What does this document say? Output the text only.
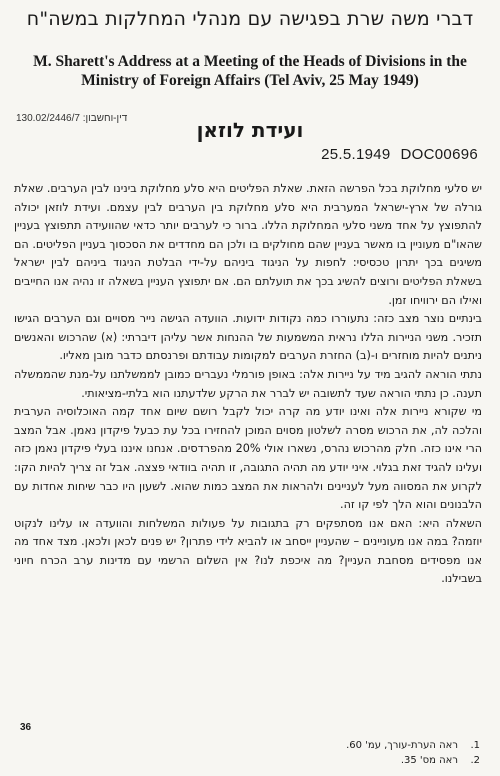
דברי משה שרת בפגישה עם מנהלי המחלקות במשה"ח
M. Sharett's Address at a Meeting of the Heads of Divisions in the Ministry of Foreign Affairs (Tel Aviv, 25 May 1949)
130.02/2446/7 :דין-וחשבון	ועידת לוזאן
25.5.1949 DOC00696

יש סלעי מחלוקת בכל הפרשה הזאת. שאלת הפליטים היא סלע מחלוקת בינינו לבין הערבים. שאלת גורלה של ארץ-ישראל המערבית היא סלע מחלוקת בין הערבים לבין עצמם. ועידת לוזאן יכולה להתפוצץ על אחד משני סלעי המחלוקת הללו. ברור כי לערבים יותר כדאי שהוועידה תתפוצץ בעניין שהאו"ם מעוניין בו מאשר בעניין שהם מחולקים בו ולכן הם מחדדים את הסכסוך בעניין הפליטים. הם משיגים בכך יתרון טכסיסי: לחפות על הניגוד ביניהם על-ידי הבלטת הניגוד ביניהם לבין ישראל בשאלת הפליטים ורוצים להשיג בכך את תועלתם הם. אם יתפוצץ העניין בשאלה זו נהיה אנו החייבים ואילו הם ירוויחו זמן.

בינתיים נוצר מצב כזה: נתעוררו כמה נקודות ידועות. הוועדה הגישה נייר מסויים וגם הערבים הגישו תזכיר. משני הניירות הללו נראית המשמעות של ההנחות אשר עליהן דיברתי: (א) שהרכוש והאנשים ניתנים להיות מוחזרים ו-(ב) החזרת הערבים למקומות עבודתם ופרנסתם כדבר מובן מאליו.

נתתי הוראה להגיב מיד על ניירות אלה: באופן פורמלי נעברים כמובן לממשלתנו על-מנת שהממשלה תענה. כן נתתי הוראה שעד לתשובה יש לברר את הרקע שלדעתנו הוא בלתי-מציאותי.

מי שקורא ניירות אלה ואינו יודע מה קרה יכול לקבל רושם שיום אחד קמה האוכלוסיה הערבית והלכה לה, את הרכוש מסרה לשלטון מסוים המוכן להחזירו בכל עת כבעל פיקדון נאמן. אבל המצב הרי אינו כזה. חלק מהרכוש נהרס, נשארו אולי 20% מהפרדסים. אנחנו איננו בעלי פיקדון נאמן כזה ועלינו להגיד זאת בגלוי. איני יודע מה תהיה התגובה, זו תהיה בוודאי פצצה. אבל זה צריך להיות הקו: לקרוע את המסווה מעל לעניינים ולהראות את המצב כמות שהוא. לשעון היו כבר שיחות אחדות עם הלבנונים והוא הלך לפי קו זה.

השאלה היא: האם אנו מסתפקים רק בתגובות על פעולות המשלחות והוועדה או עלינו לנקוט יוזמה? במה אנו מעוניינים – שהעניין ייסחב או להביא לידי פתרון? יש פנים לכאן ולכאן. מצד אחד מה אנו מפסידים מסחבת העניין? מה איכפת לנו? אין השלום הרשמי עם מדינות ערב הכרח חיוני בשבילנו.

36
1.
ראה הערת-עורך, עמ' 60.
2.
ראה מס' 35.
